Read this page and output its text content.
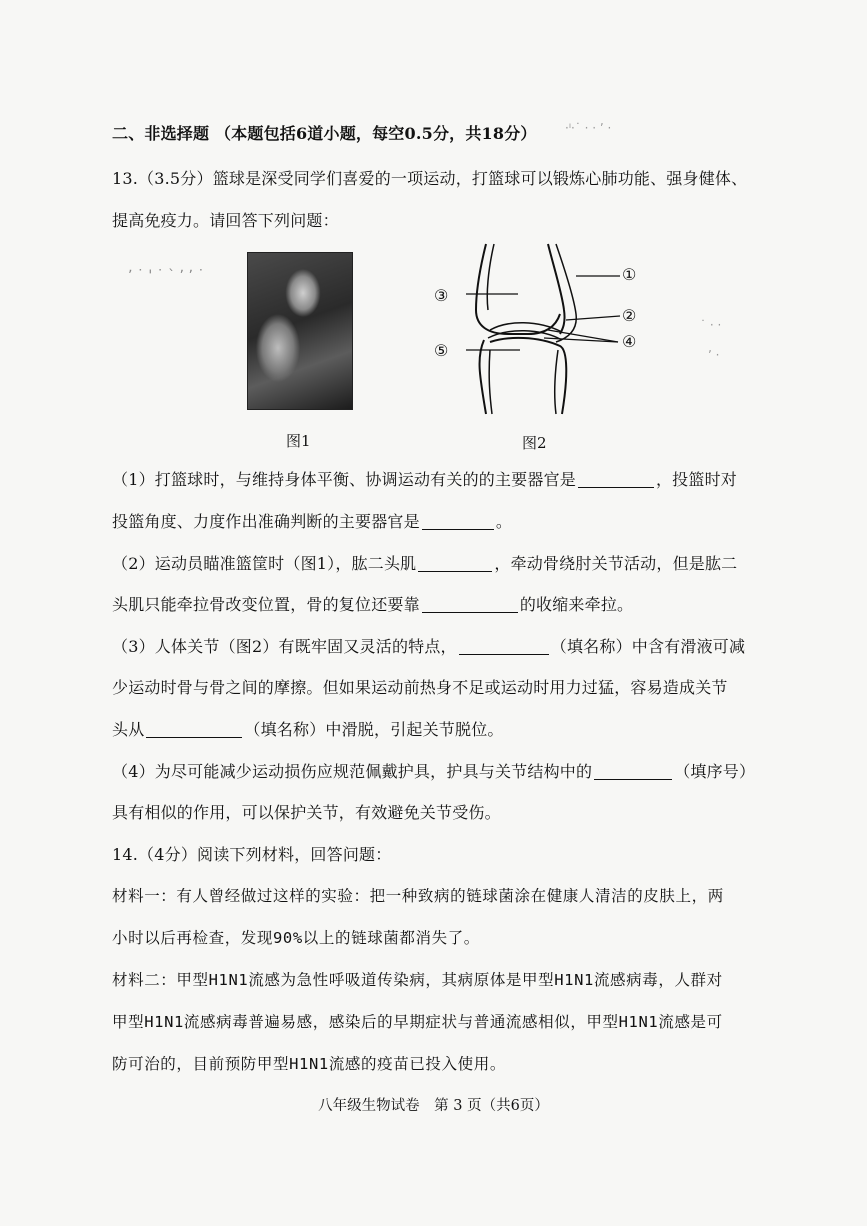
二、非选择题 （本题包括6道小题，每空0.5分，共18分） ·ᴵ·˙ · · ʼ ·
13.（3.5分）篮球是深受同学们喜爱的一项运动，打篮球可以锻炼心肺功能、强身健体、
提高免疫力。请回答下列问题：
ʼ ˙ ' ˙ ` ʼ ʼ ˙
图1
①
②
③
④
⑤
图2
˙ · ·
ʼ ·
（1）打篮球时，与维持身体平衡、协调运动有关的的主要器官是	，投篮时对
投篮角度、力度作出准确判断的主要器官是	。
（2）运动员瞄准篮筐时（图1），肱二头肌	，牵动骨绕肘关节活动，但是肱二
头肌只能牵拉骨改变位置，骨的复位还要靠	的收缩来牵拉。
（3）人体关节（图2）有既牢固又灵活的特点，	（填名称）中含有滑液可减
少运动时骨与骨之间的摩擦。但如果运动前热身不足或运动时用力过猛，容易造成关节
头从	（填名称）中滑脱，引起关节脱位。
（4）为尽可能减少运动损伤应规范佩戴护具，护具与关节结构中的	（填序号）
具有相似的作用，可以保护关节，有效避免关节受伤。
14.（4分）阅读下列材料，回答问题：
材料一：有人曾经做过这样的实验：把一种致病的链球菌涂在健康人清洁的皮肤上，两
小时以后再检查，发现90%以上的链球菌都消失了。
材料二：甲型H1N1流感为急性呼吸道传染病，其病原体是甲型H1N1流感病毒，人群对
甲型H1N1流感病毒普遍易感，感染后的早期症状与普通流感相似，甲型H1N1流感是可
防可治的，目前预防甲型H1N1流感的疫苗已投入使用。
八年级生物试卷　第 3 页（共6页）
